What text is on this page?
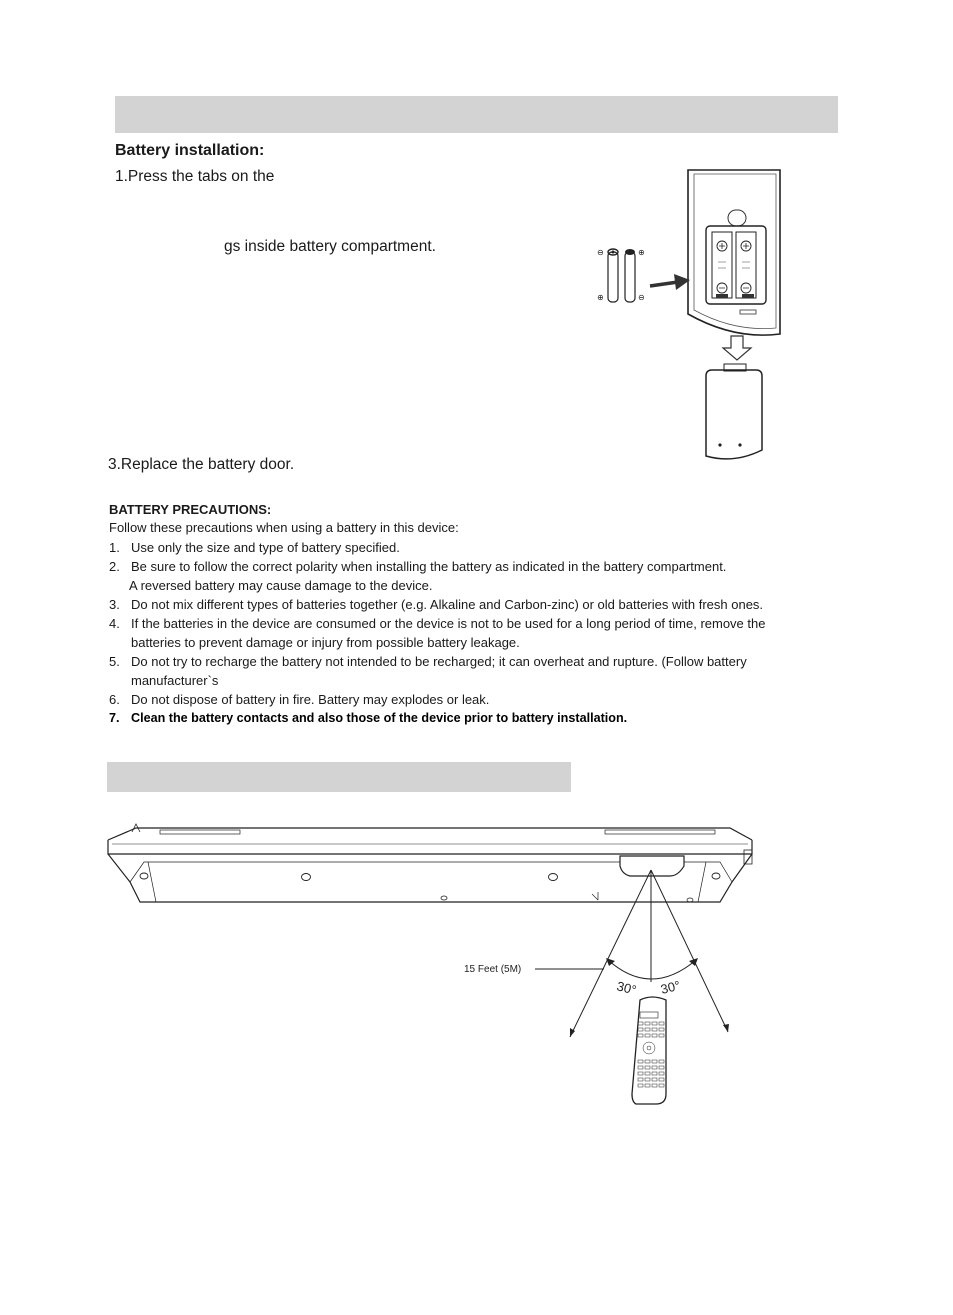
Battery installation:
1.Press the tabs on the
gs inside battery compartment.
3.Replace the battery door.
⊖	⊕
⊕	⊖
BATTERY PRECAUTIONS:
Follow these precautions when using a battery in this device:
1. Use only the size and type of battery specified.
2. Be sure to follow the correct polarity when installing the battery as indicated in the battery compartment.
A reversed battery may cause damage to the device.
3. Do not mix different types of batteries together (e.g. Alkaline and Carbon-zinc) or old batteries with fresh ones.
4. If the batteries in the device are consumed or the device is not to be used for a long period of time, remove the
batteries to prevent damage or injury from possible battery leakage.
5. Do not try to recharge the battery not intended to be recharged; it can overheat and rupture. (Follow battery
manufacturer`s
6. Do not dispose of battery in fire. Battery may explodes or leak.
7. Clean the battery contacts and also those of the device prior to battery installation.
15 Feet (5M)
30° 30°
